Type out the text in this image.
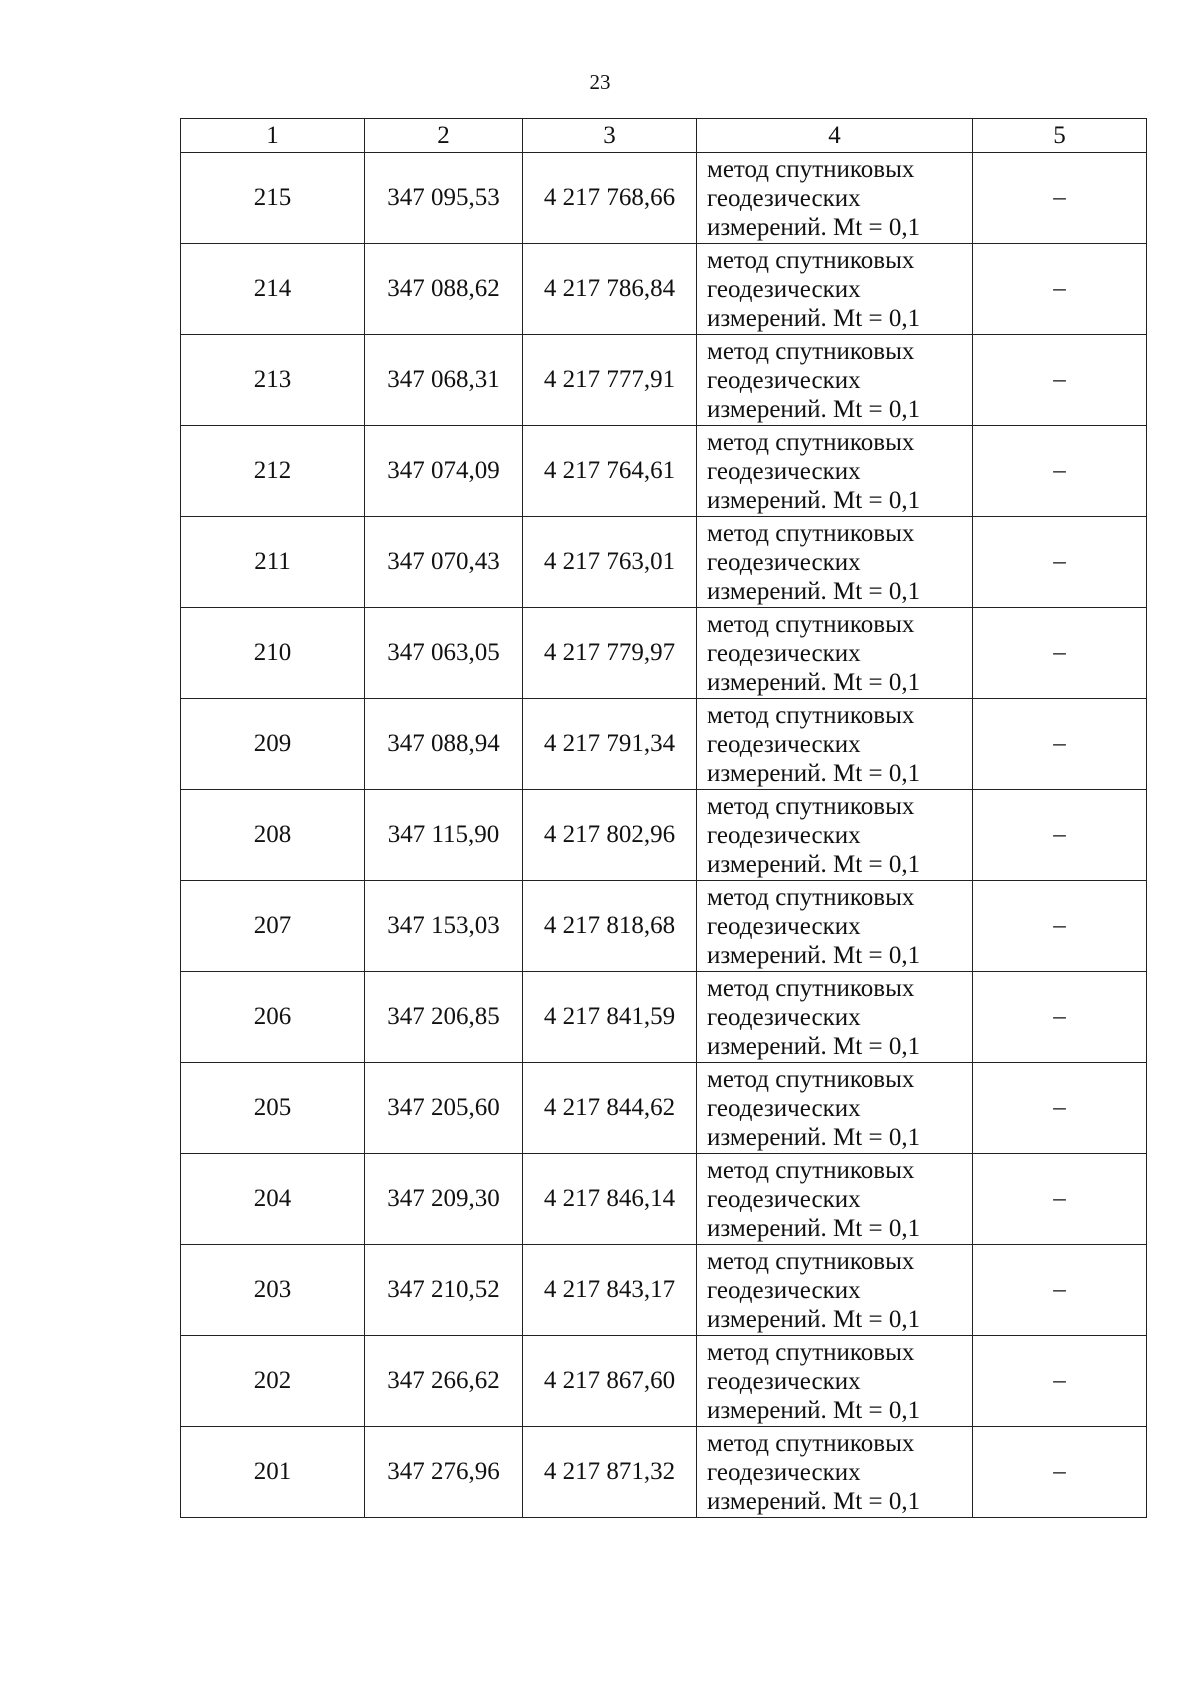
23
1	2	3	4	5
215	347 095,53	4 217 768,66	метод спутниковых геодезических измерений. Mt = 0,1	–
214	347 088,62	4 217 786,84	метод спутниковых геодезических измерений. Mt = 0,1	–
213	347 068,31	4 217 777,91	метод спутниковых геодезических измерений. Mt = 0,1	–
212	347 074,09	4 217 764,61	метод спутниковых геодезических измерений. Mt = 0,1	–
211	347 070,43	4 217 763,01	метод спутниковых геодезических измерений. Mt = 0,1	–
210	347 063,05	4 217 779,97	метод спутниковых геодезических измерений. Mt = 0,1	–
209	347 088,94	4 217 791,34	метод спутниковых геодезических измерений. Mt = 0,1	–
208	347 115,90	4 217 802,96	метод спутниковых геодезических измерений. Mt = 0,1	–
207	347 153,03	4 217 818,68	метод спутниковых геодезических измерений. Mt = 0,1	–
206	347 206,85	4 217 841,59	метод спутниковых геодезических измерений. Mt = 0,1	–
205	347 205,60	4 217 844,62	метод спутниковых геодезических измерений. Mt = 0,1	–
204	347 209,30	4 217 846,14	метод спутниковых геодезических измерений. Mt = 0,1	–
203	347 210,52	4 217 843,17	метод спутниковых геодезических измерений. Mt = 0,1	–
202	347 266,62	4 217 867,60	метод спутниковых геодезических измерений. Mt = 0,1	–
201	347 276,96	4 217 871,32	метод спутниковых геодезических измерений. Mt = 0,1	–
